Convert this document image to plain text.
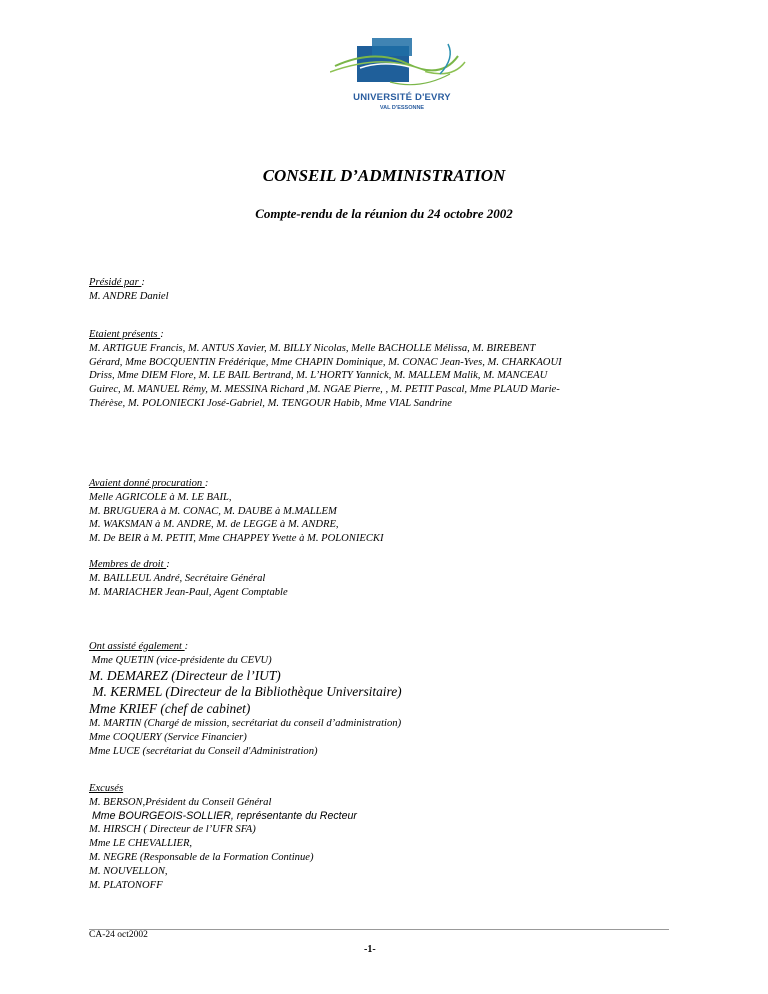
UNIVERSITÉ D'EVRY
VAL D'ESSONNE
CONSEIL D’ADMINISTRATION
Compte-rendu de la réunion du 24 octobre 2002
Présidé par :
M. ANDRE Daniel
Etaient présents :
M. ARTIGUE Francis, M. ANTUS Xavier, M. BILLY Nicolas, Melle BACHOLLE Mélissa, M. BIREBENT
Gérard, Mme BOCQUENTIN Frédérique, Mme CHAPIN Dominique, M. CONAC Jean-Yves, M. CHARKAOUI
Driss, Mme DIEM Flore, M. LE BAIL Bertrand, M. L’HORTY Yannick, M. MALLEM Malik, M. MANCEAU
Guirec, M. MANUEL Rémy, M. MESSINA Richard ,M. NGAE Pierre, , M. PETIT Pascal, Mme PLAUD Marie-
Thérèse, M. POLONIECKI José-Gabriel, M. TENGOUR Habib, Mme VIAL Sandrine
Avaient donné procuration :
Melle AGRICOLE à M. LE BAIL,
M. BRUGUERA à M. CONAC, M. DAUBE à M.MALLEM
M. WAKSMAN à M. ANDRE, M. de LEGGE à M. ANDRE,
M. De BEIR à M. PETIT, Mme CHAPPEY Yvette à M. POLONIECKI
Membres de droit :
M. BAILLEUL André, Secrétaire Général
M. MARIACHER Jean-Paul, Agent Comptable
Ont assisté également :
Mme QUETIN (vice-présidente du CEVU)
M. DEMAREZ (Directeur de l’IUT)
M. KERMEL (Directeur de la Bibliothèque Universitaire)
Mme KRIEF (chef de cabinet)
M. MARTIN (Chargé de mission, secrétariat du conseil d’administration)
Mme COQUERY (Service Financier)
Mme LUCE (secrétariat du Conseil d'Administration)
Excusés
M. BERSON,Président du Conseil Général
Mme BOURGEOIS-SOLLIER, représentante du Recteur
M. HIRSCH ( Directeur de l’UFR SFA)
Mme LE CHEVALLIER,
M. NEGRE (Responsable de la Formation Continue)
M. NOUVELLON,
M. PLATONOFF
CA-24 oct2002
-1-
